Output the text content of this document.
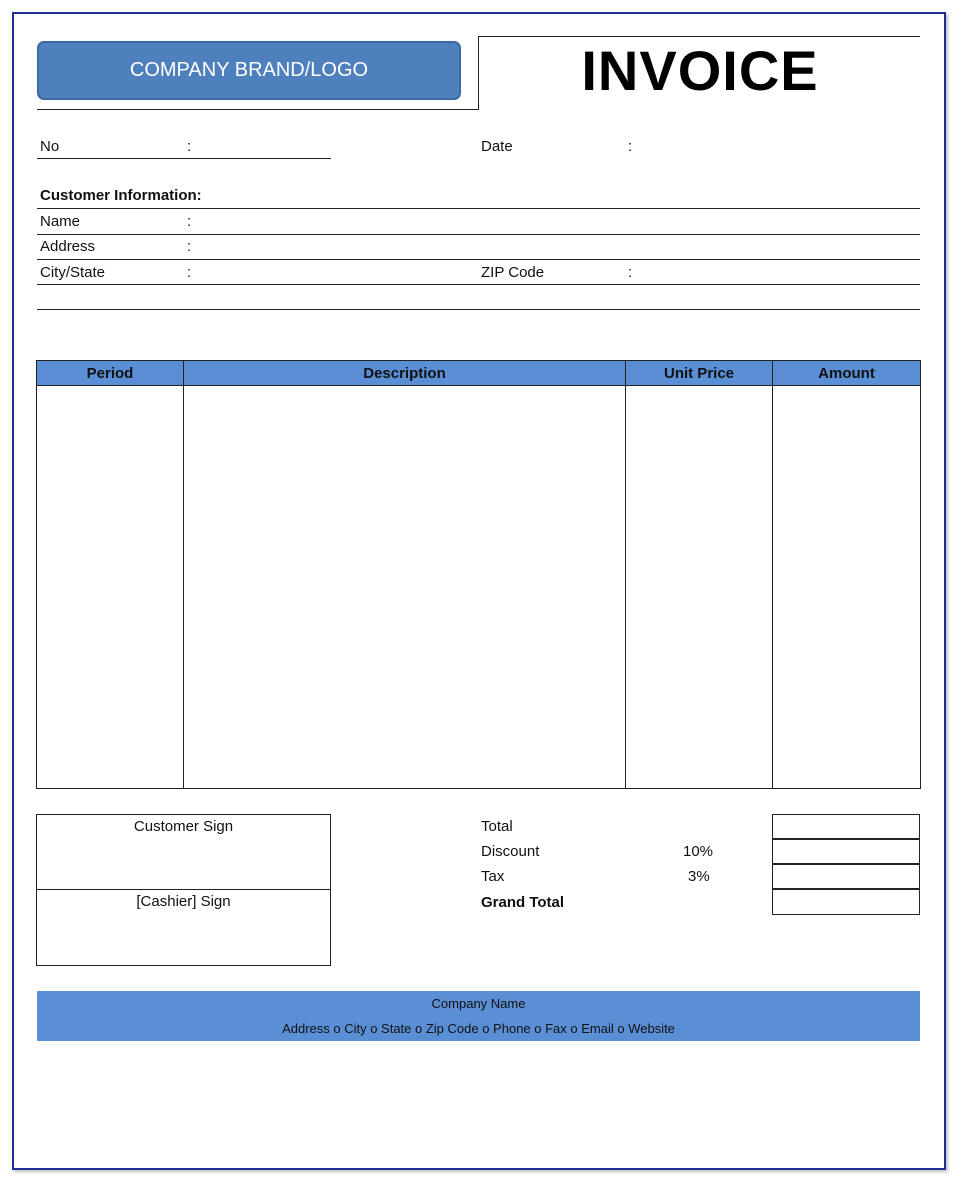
COMPANY BRAND/LOGO	INVOICE
No	:	Date	:
Customer Information:
Name	:
Address	:
City/State	:	ZIP Code	:
Period	Description	Unit Price	Amount

Customer Sign
[Cashier] Sign
Total
Discount	10%
Tax	3%
Grand Total
Company Name
Address o City o State o Zip Code o Phone o Fax o Email o Website
